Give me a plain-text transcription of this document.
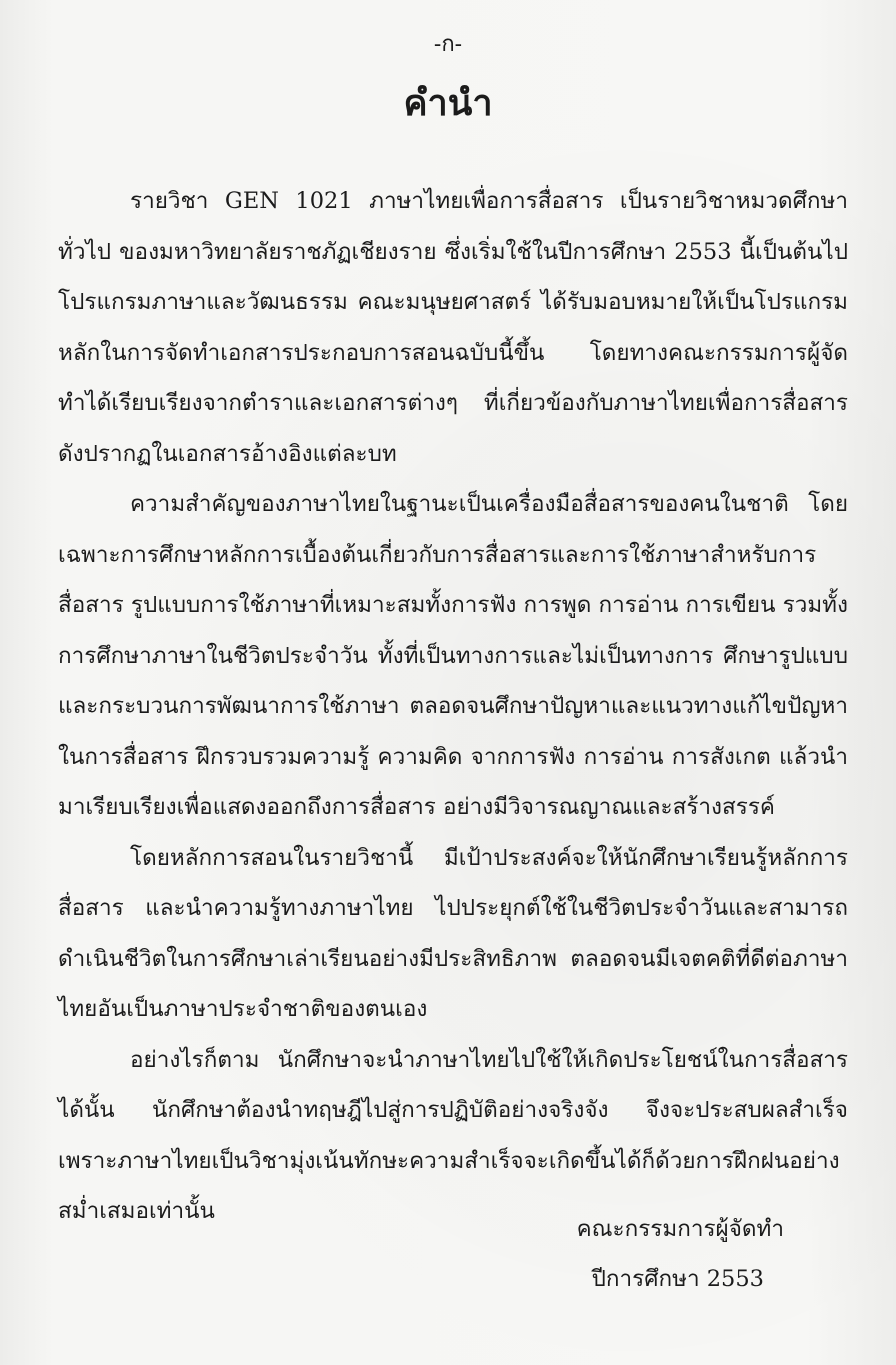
-ก-
คำนำ

รายวิชา GEN 1021 ภาษาไทยเพื่อการสื่อสาร เป็นรายวิชาหมวดศึกษาทั่วไป ของมหาวิทยาลัยราชภัฏเชียงราย ซึ่งเริ่มใช้ในปีการศึกษา 2553 นี้เป็นต้นไป โปรแกรมภาษาและวัฒนธรรม คณะมนุษยศาสตร์ ได้รับมอบหมายให้เป็นโปรแกรมหลักในการจัดทำเอกสารประกอบการสอนฉบับนี้ขึ้น โดยทางคณะกรรมการผู้จัดทำได้เรียบเรียงจากตำราและเอกสารต่างๆ ที่เกี่ยวข้องกับภาษาไทยเพื่อการสื่อสาร ดังปรากฏในเอกสารอ้างอิงแต่ละบท

ความสำคัญของภาษาไทยในฐานะเป็นเครื่องมือสื่อสารของคนในชาติ โดยเฉพาะการศึกษาหลักการเบื้องต้นเกี่ยวกับการสื่อสารและการใช้ภาษาสำหรับการสื่อสาร รูปแบบการใช้ภาษาที่เหมาะสมทั้งการฟัง การพูด การอ่าน การเขียน รวมทั้งการศึกษาภาษาในชีวิตประจำวัน ทั้งที่เป็นทางการและไม่เป็นทางการ ศึกษารูปแบบและกระบวนการพัฒนาการใช้ภาษา ตลอดจนศึกษาปัญหาและแนวทางแก้ไขปัญหาในการสื่อสาร ฝึกรวบรวมความรู้ ความคิด จากการฟัง การอ่าน การสังเกต แล้วนำมาเรียบเรียงเพื่อแสดงออกถึงการสื่อสาร อย่างมีวิจารณญาณและสร้างสรรค์

โดยหลักการสอนในรายวิชานี้ มีเป้าประสงค์จะให้นักศึกษาเรียนรู้หลักการสื่อสาร และนำความรู้ทางภาษาไทย ไปประยุกต์ใช้ในชีวิตประจำวันและสามารถดำเนินชีวิตในการศึกษาเล่าเรียนอย่างมีประสิทธิภาพ ตลอดจนมีเจตคติที่ดีต่อภาษาไทยอันเป็นภาษาประจำชาติของตนเอง

อย่างไรก็ตาม นักศึกษาจะนำภาษาไทยไปใช้ให้เกิดประโยชน์ในการสื่อสารได้นั้น นักศึกษาต้องนำทฤษฎีไปสู่การปฏิบัติอย่างจริงจัง จึงจะประสบผลสำเร็จ เพราะภาษาไทยเป็นวิชามุ่งเน้นทักษะความสำเร็จจะเกิดขึ้นได้ก็ด้วยการฝึกฝนอย่างสม่ำเสมอเท่านั้น

คณะกรรมการผู้จัดทำ
ปีการศึกษา 2553
